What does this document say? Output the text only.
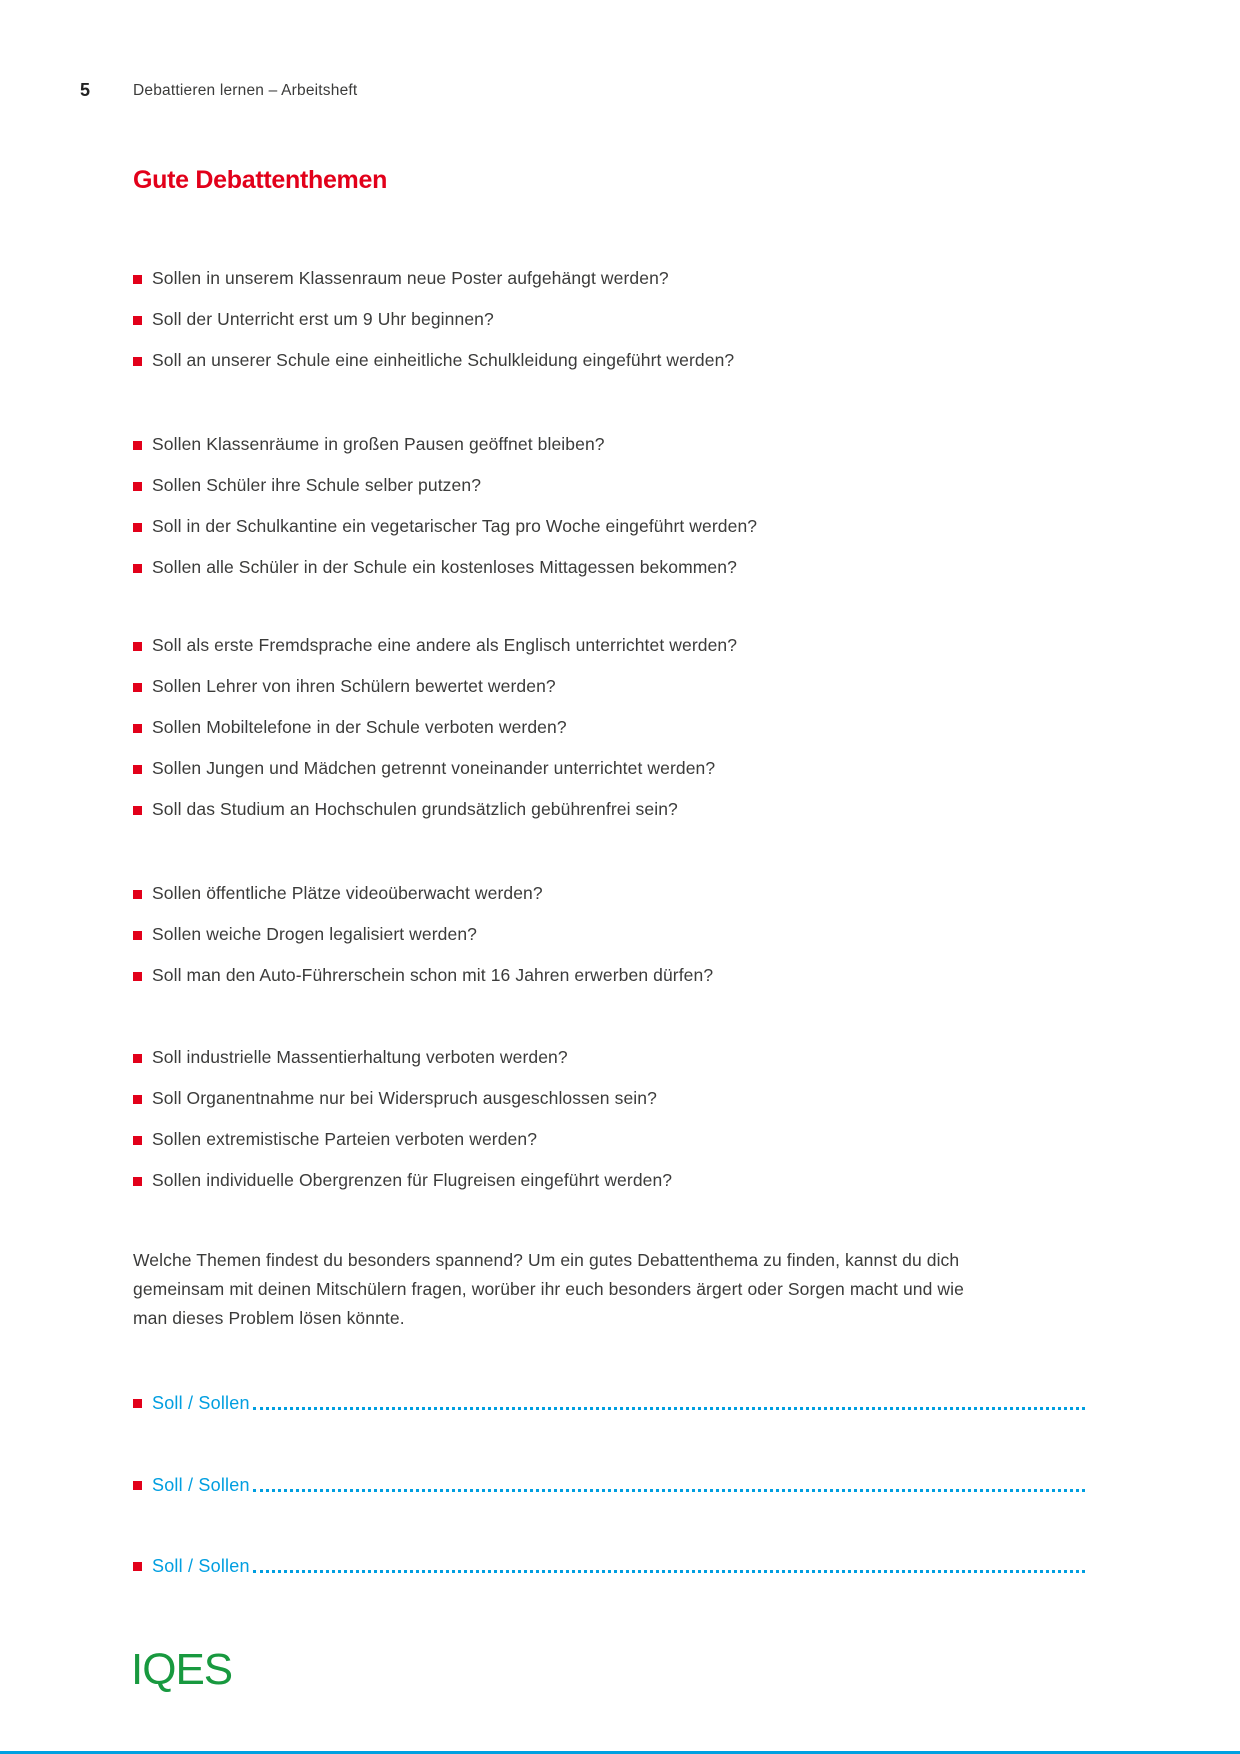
5	Debattieren lernen – Arbeitsheft
Gute Debattenthemen
Sollen in unserem Klassenraum neue Poster aufgehängt werden?
Soll der Unterricht erst um 9 Uhr beginnen?
Soll an unserer Schule eine einheitliche Schulkleidung eingeführt werden?
Sollen Klassenräume in großen Pausen geöffnet bleiben?
Sollen Schüler ihre Schule selber putzen?
Soll in der Schulkantine ein vegetarischer Tag pro Woche eingeführt werden?
Sollen alle Schüler in der Schule ein kostenloses Mittagessen bekommen?
Soll als erste Fremdsprache eine andere als Englisch unterrichtet werden?
Sollen Lehrer von ihren Schülern bewertet werden?
Sollen Mobiltelefone in der Schule verboten werden?
Sollen Jungen und Mädchen getrennt voneinander unterrichtet werden?
Soll das Studium an Hochschulen grundsätzlich gebührenfrei sein?
Sollen öffentliche Plätze videoüberwacht werden?
Sollen weiche Drogen legalisiert werden?
Soll man den Auto-Führerschein schon mit 16 Jahren erwerben dürfen?
Soll industrielle Massentierhaltung verboten werden?
Soll Organentnahme nur bei Widerspruch ausgeschlossen sein?
Sollen extremistische Parteien verboten werden?
Sollen individuelle Obergrenzen für Flugreisen eingeführt werden?
Welche Themen findest du besonders spannend? Um ein gutes Debattenthema zu finden, kannst du dich
gemeinsam mit deinen Mitschülern fragen, worüber ihr euch besonders ärgert oder Sorgen macht und wie
man dieses Problem lösen könnte.
Soll / Sollen
Soll / Sollen
Soll / Sollen
IQES
